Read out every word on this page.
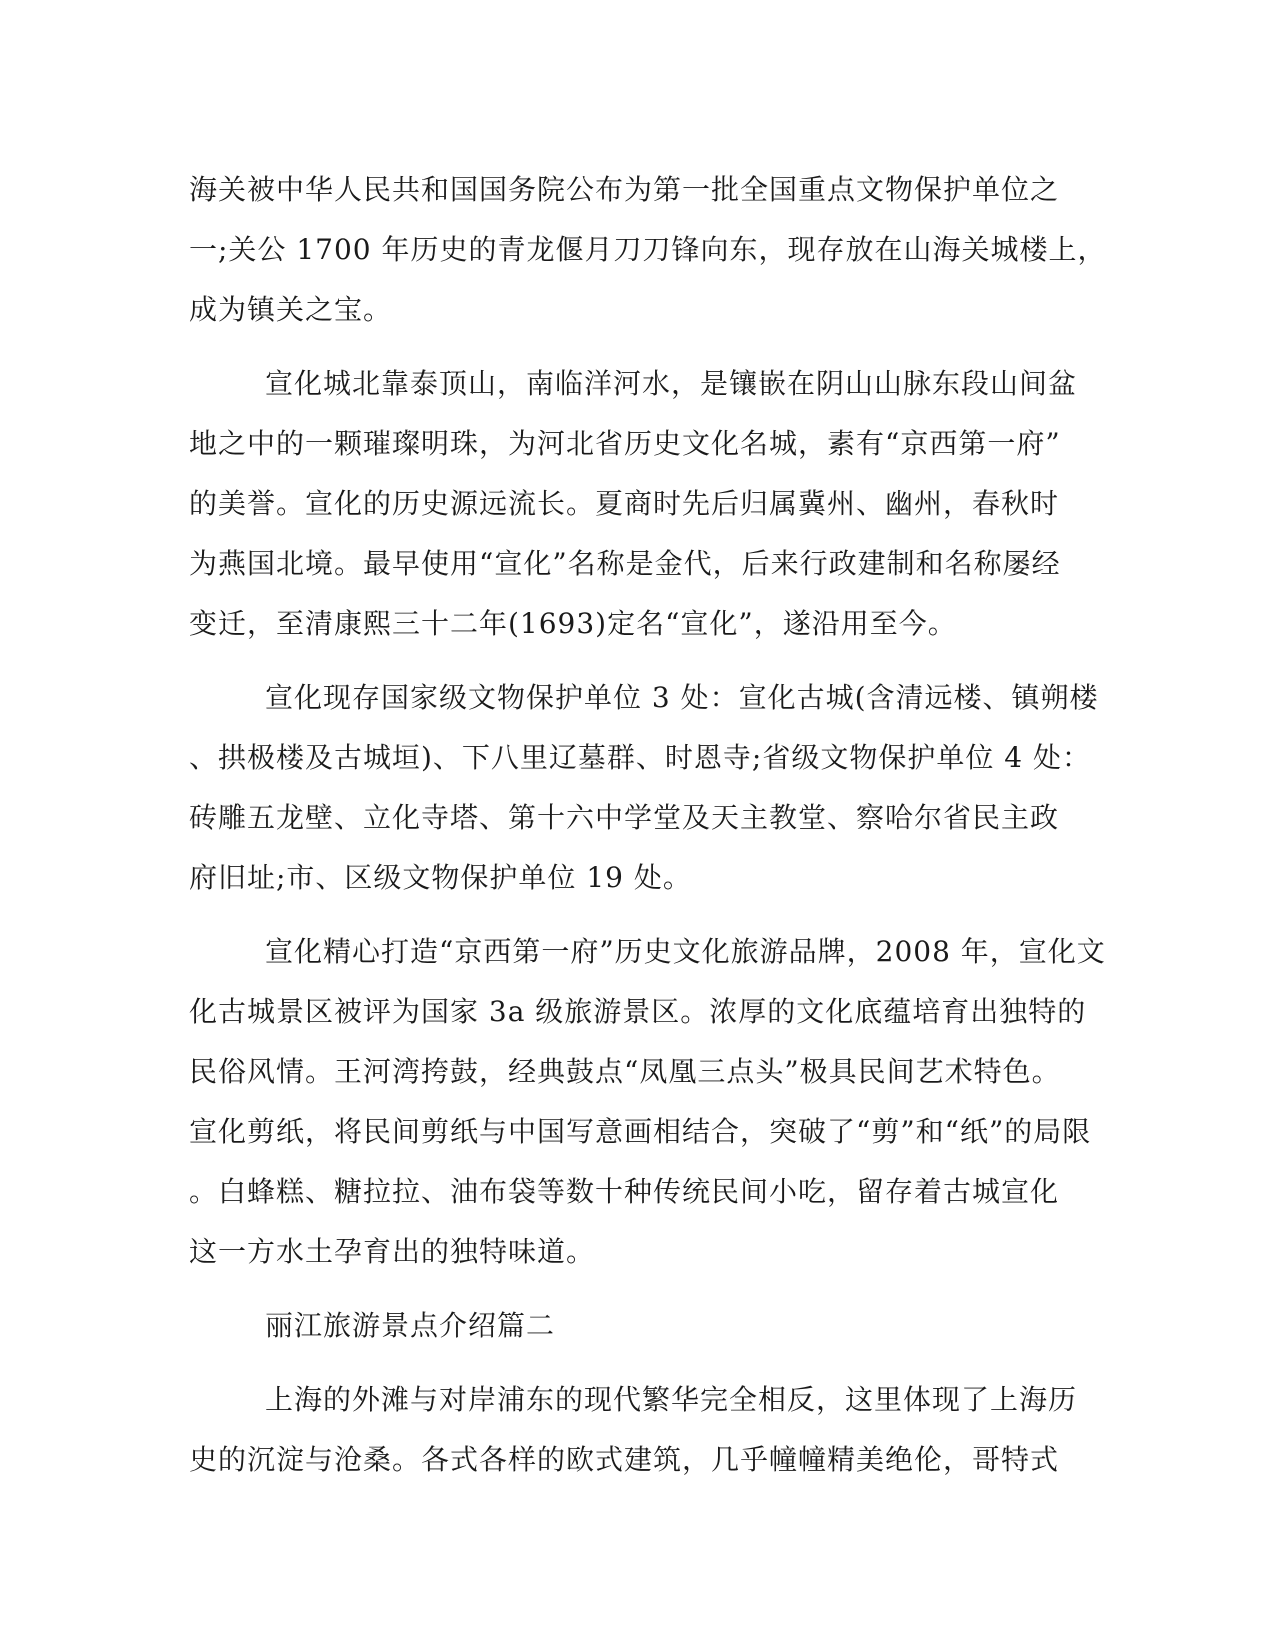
海关被中华人民共和国国务院公布为第一批全国重点文物保护单位之
一;关公 1700 年历史的青龙偃月刀刀锋向东，现存放在山海关城楼上，
成为镇关之宝。
宣化城北靠泰顶山，南临洋河水，是镶嵌在阴山山脉东段山间盆
地之中的一颗璀璨明珠，为河北省历史文化名城，素有“京西第一府”
的美誉。宣化的历史源远流长。夏商时先后归属冀州、幽州，春秋时
为燕国北境。最早使用“宣化”名称是金代，后来行政建制和名称屡经
变迁，至清康熙三十二年(1693)定名“宣化”，遂沿用至今。
宣化现存国家级文物保护单位 3 处：宣化古城(含清远楼、镇朔楼
、拱极楼及古城垣)、下八里辽墓群、时恩寺;省级文物保护单位 4 处：
砖雕五龙壁、立化寺塔、第十六中学堂及天主教堂、察哈尔省民主政
府旧址;市、区级文物保护单位 19 处。
宣化精心打造“京西第一府”历史文化旅游品牌，2008 年，宣化文
化古城景区被评为国家 3a 级旅游景区。浓厚的文化底蕴培育出独特的
民俗风情。王河湾挎鼓，经典鼓点“凤凰三点头”极具民间艺术特色。
宣化剪纸，将民间剪纸与中国写意画相结合，突破了“剪”和“纸”的局限
。白蜂糕、糖拉拉、油布袋等数十种传统民间小吃，留存着古城宣化
这一方水土孕育出的独特味道。
丽江旅游景点介绍篇二
上海的外滩与对岸浦东的现代繁华完全相反，这里体现了上海历
史的沉淀与沧桑。各式各样的欧式建筑，几乎幢幢精美绝伦，哥特式
